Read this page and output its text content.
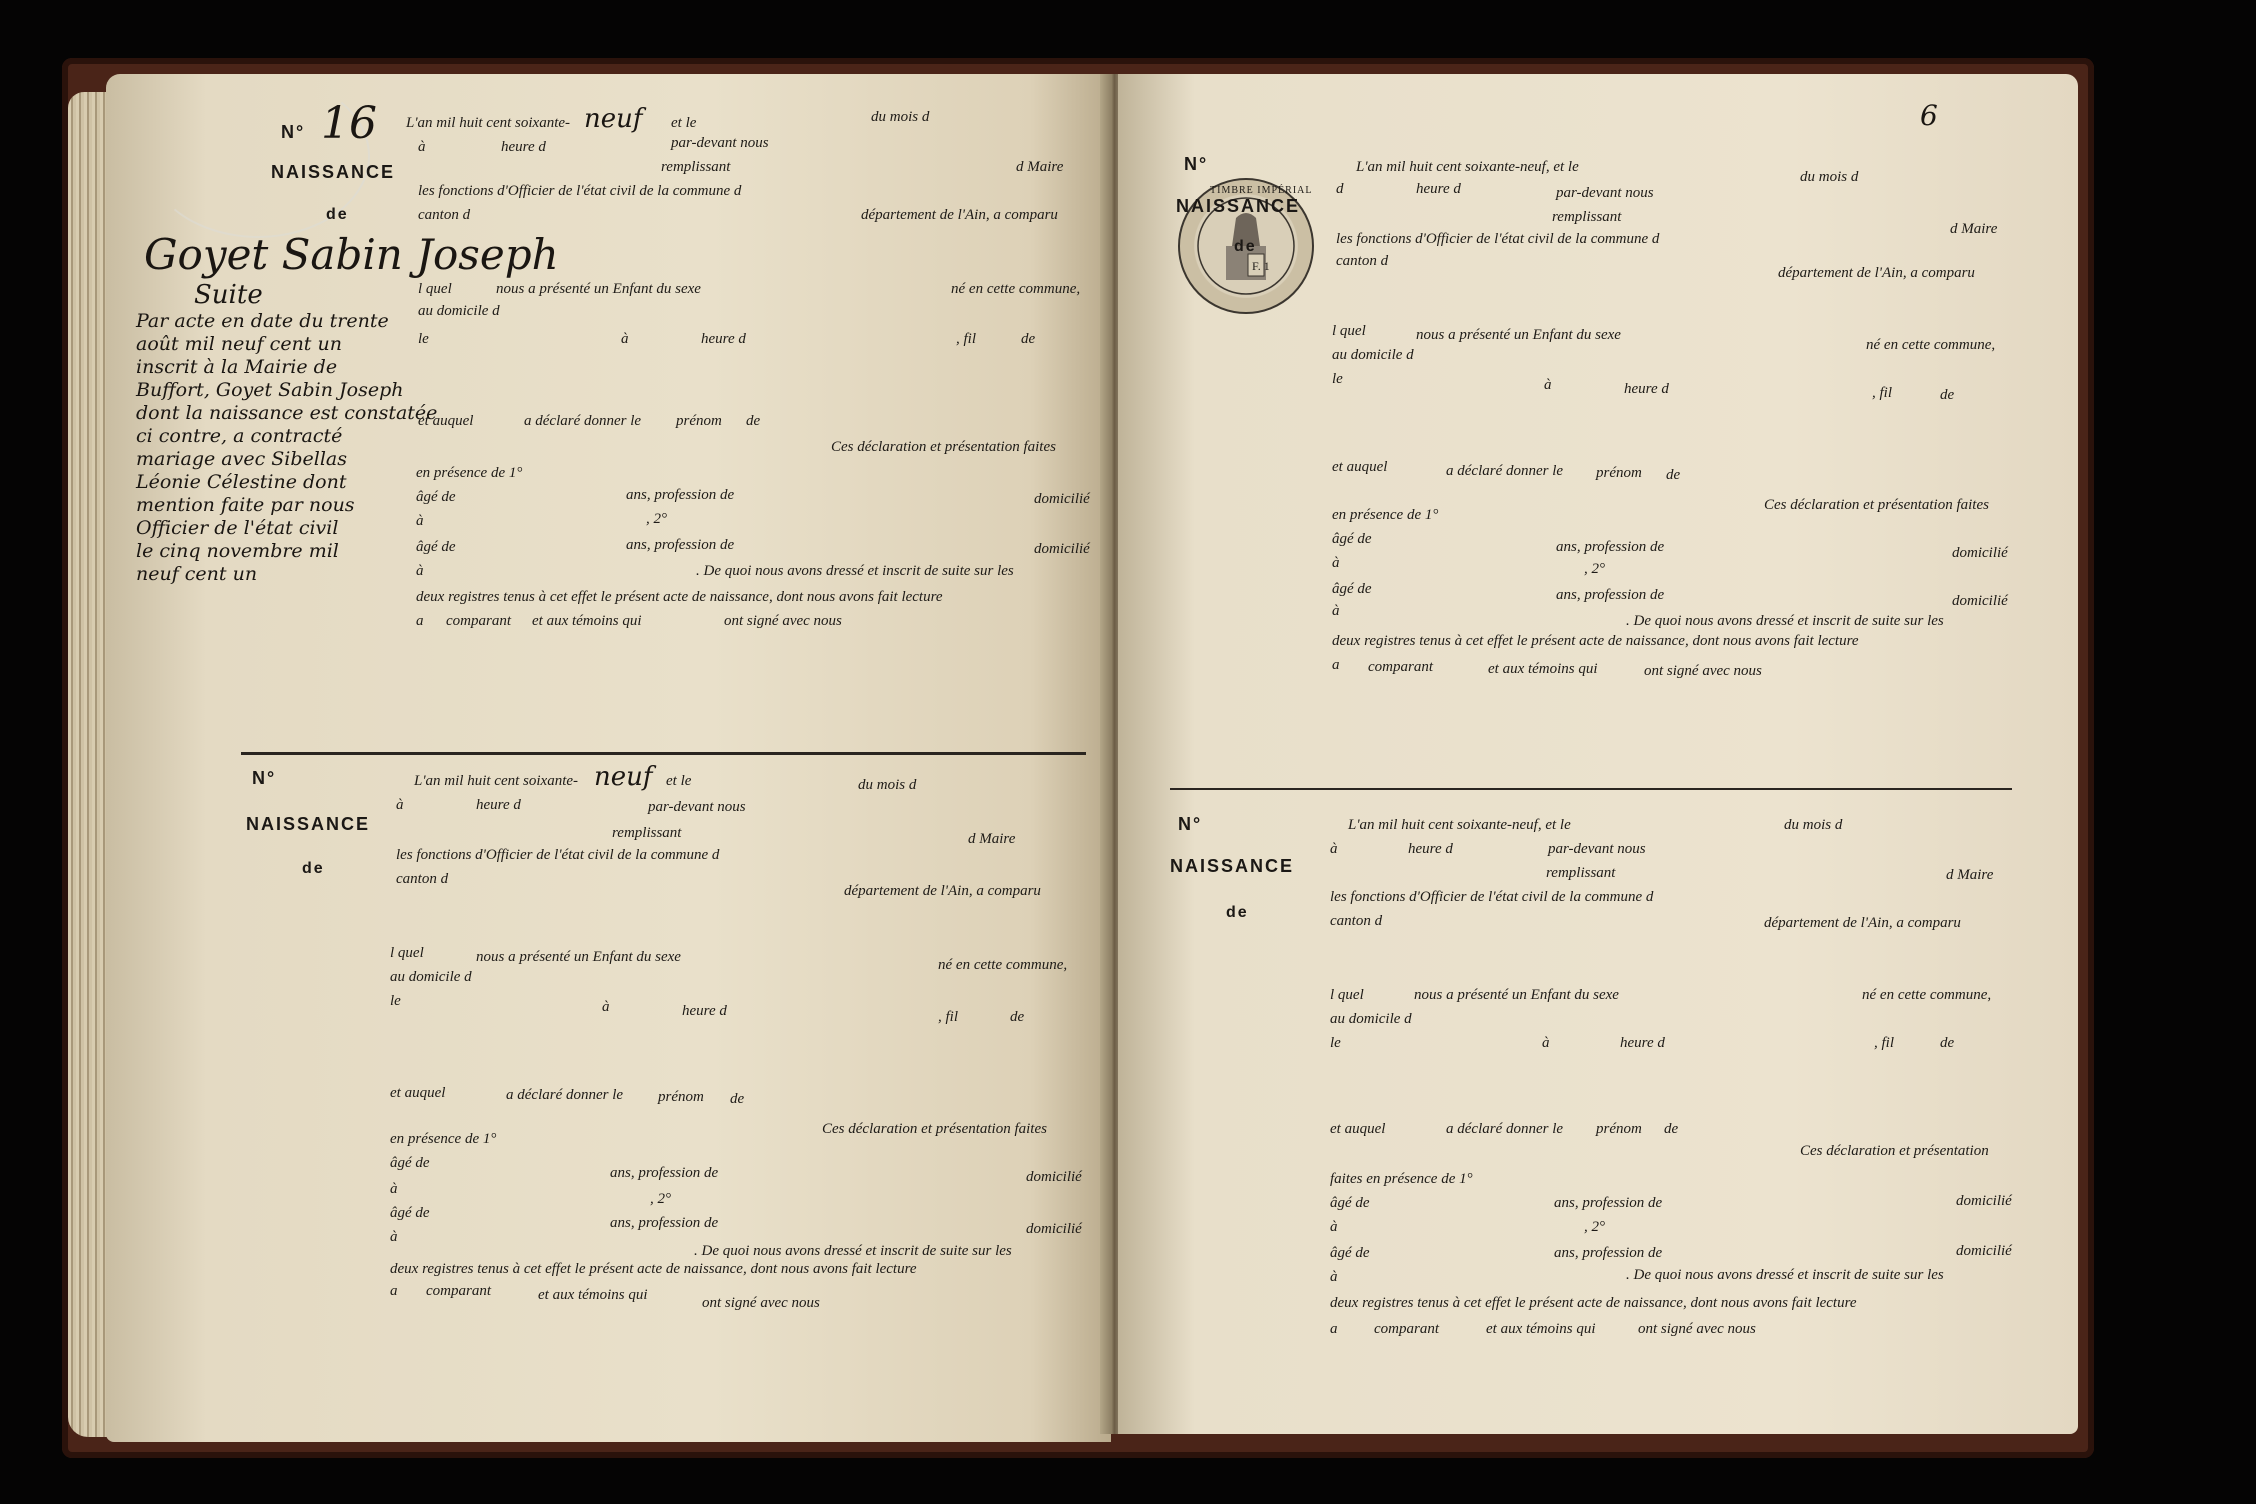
N° 16
NAISSANCE
de
Goyet Sabin Joseph
Suite
Par acte en date du trente
août mil neuf cent un
inscrit à la Mairie de
Buffort, Goyet Sabin Joseph
dont la naissance est constatée
ci contre, a contracté
mariage avec Sibellas
Léonie Célestine dont
mention faite par nous
Officier de l'état civil
le cinq novembre mil
neuf cent un
L'an mil huit cent soixante- neuf et le	du mois d
à	heure d	par-devant nous
remplissant	d Maire
les fonctions d'Officier de l'état civil de la commune d
canton d	département de l'Ain, a comparu
l quel	nous a présenté un Enfant du sexe	né en cette commune,
au domicile d
le	à	heure d	, fil	de
et auquel	a déclaré donner le prénom de
Ces déclaration et présentation faites
en présence de 1°
âgé de	ans, profession de	domicilié
à	, 2°
âgé de	ans, profession de	domicilié
à	. De quoi nous avons dressé et inscrit de suite sur les
deux registres tenus à cet effet le présent acte de naissance, dont nous avons fait lecture
a comparant et aux témoins qui	ont signé avec nous
N°
NAISSANCE
de
L'an mil huit cent soixante- neuf et le	du mois d
à	heure d	par-devant nous
remplissant	d Maire
les fonctions d'Officier de l'état civil de la commune d
canton d
département de l'Ain, a comparu
l quel	nous a présenté un Enfant du sexe	né en cette commune,
au domicile d
le	à	heure d	, fil	de
et auquel	a déclaré donner le prénom de
Ces déclaration et présentation faites
en présence de 1°
âgé de
ans, profession de	domicilié
à
, 2°
âgé de
ans, profession de	domicilié
à
. De quoi nous avons dressé et inscrit de suite sur les
deux registres tenus à cet effet le présent acte de naissance, dont nous avons fait lecture
a comparant	et aux témoins qui	ont signé avec nous
6
F. 1
TIMBRE IMPÉRIAL
N°
NAISSANCE
de
L'an mil huit cent soixante-neuf, et le
du mois d
d	heure d	par-devant nous
remplissant
d Maire
les fonctions d'Officier de l'état civil de la commune d
canton d
département de l'Ain, a comparu
l quel	nous a présenté un Enfant du sexe
né en cette commune,
au domicile d
le	à	heure d	, fil	de
et auquel	a déclaré donner le prénom de
Ces déclaration et présentation faites
en présence de 1°
âgé de	ans, profession de	domicilié
à	, 2°
âgé de	ans, profession de	domicilié
à
. De quoi nous avons dressé et inscrit de suite sur les
deux registres tenus à cet effet le présent acte de naissance, dont nous avons fait lecture
a comparant	et aux témoins qui	ont signé avec nous
N°
NAISSANCE
de
L'an mil huit cent soixante-neuf, et le	du mois d
à	heure d	par-devant nous
remplissant	d Maire
les fonctions d'Officier de l'état civil de la commune d
canton d	département de l'Ain, a comparu
l quel	nous a présenté un Enfant du sexe	né en cette commune,
au domicile d
le	à	heure d	, fil	de
et auquel	a déclaré donner le prénom de
Ces déclaration et présentation
faites en présence de 1°
âgé de	ans, profession de	domicilié
à	, 2°
âgé de	ans, profession de	domicilié
à	. De quoi nous avons dressé et inscrit de suite sur les
deux registres tenus à cet effet le présent acte de naissance, dont nous avons fait lecture
a comparant	et aux témoins qui	ont signé avec nous
